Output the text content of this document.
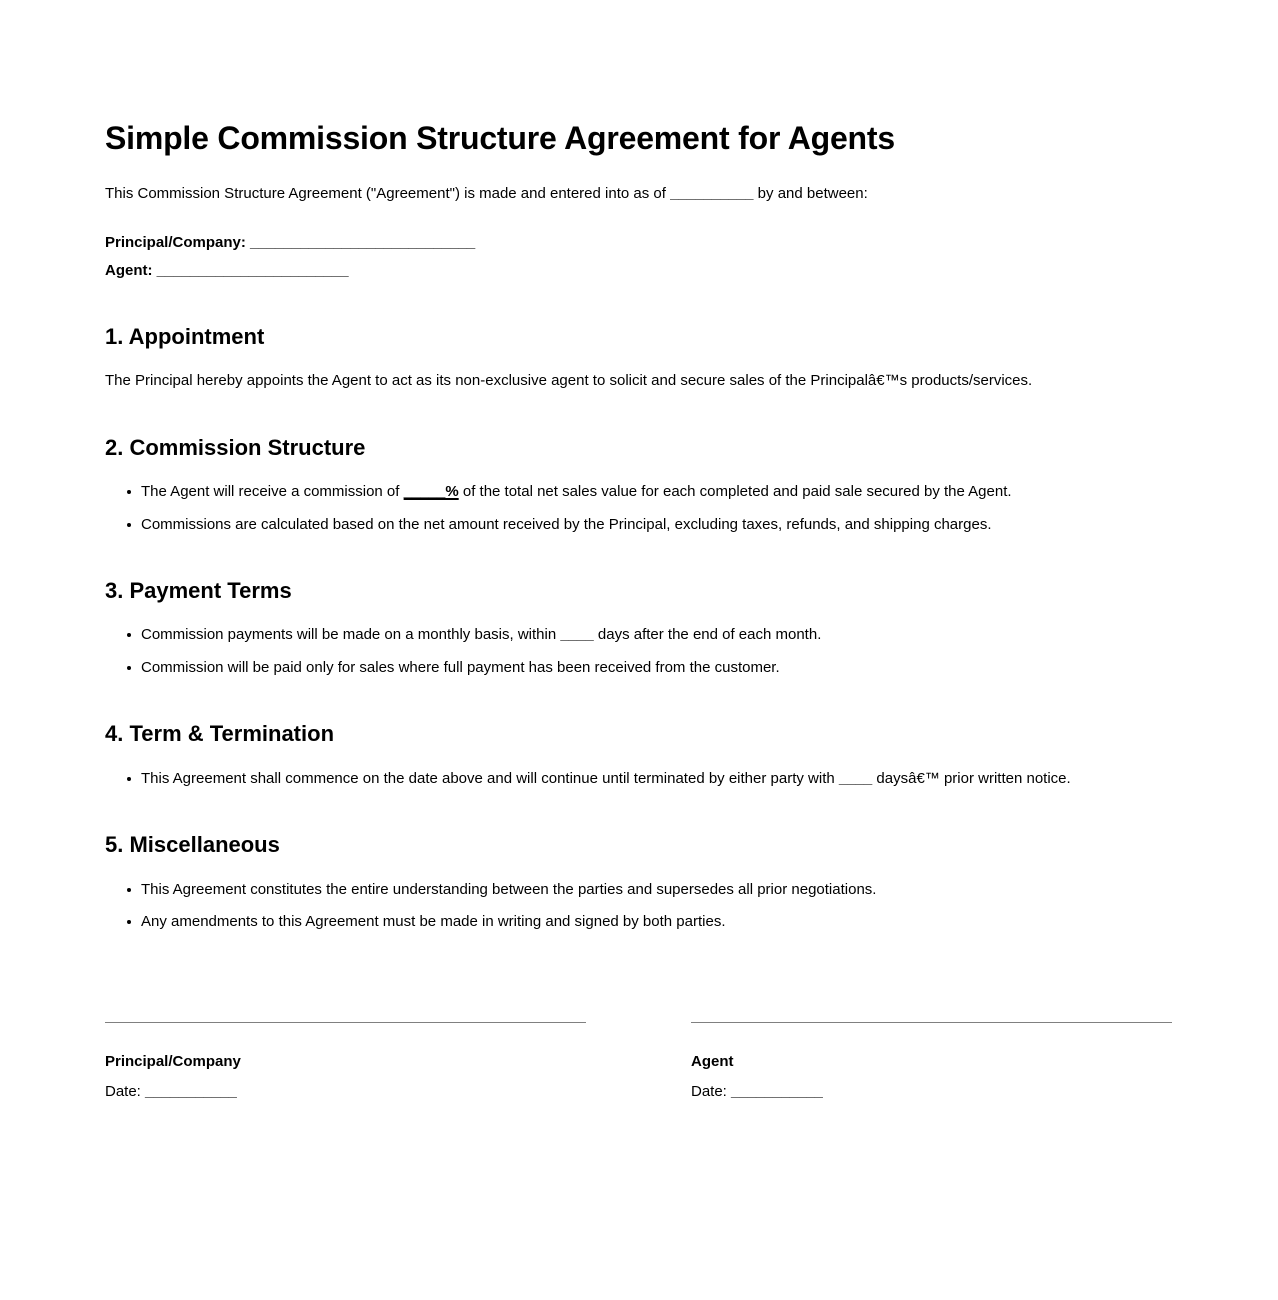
Simple Commission Structure Agreement for Agents

This Commission Structure Agreement ("Agreement") is made and entered into as of __________ by and between:

Principal/Company: ___________________________

Agent: _______________________

1. Appointment

The Principal hereby appoints the Agent to act as its non-exclusive agent to solicit and secure sales of the Principalâ€™s products/services.

2. Commission Structure
The Agent will receive a commission of _____% of the total net sales value for each completed and paid sale secured by the Agent.
Commissions are calculated based on the net amount received by the Principal, excluding taxes, refunds, and shipping charges.
3. Payment Terms
Commission payments will be made on a monthly basis, within ____ days after the end of each month.
Commission will be paid only for sales where full payment has been received from the customer.
4. Term & Termination
This Agreement shall commence on the date above and will continue until terminated by either party with ____ daysâ€™ prior written notice.
5. Miscellaneous
This Agreement constitutes the entire understanding between the parties and supersedes all prior negotiations.
Any amendments to this Agreement must be made in writing and signed by both parties.

Principal/Company

Date: ___________

Agent

Date: ___________
